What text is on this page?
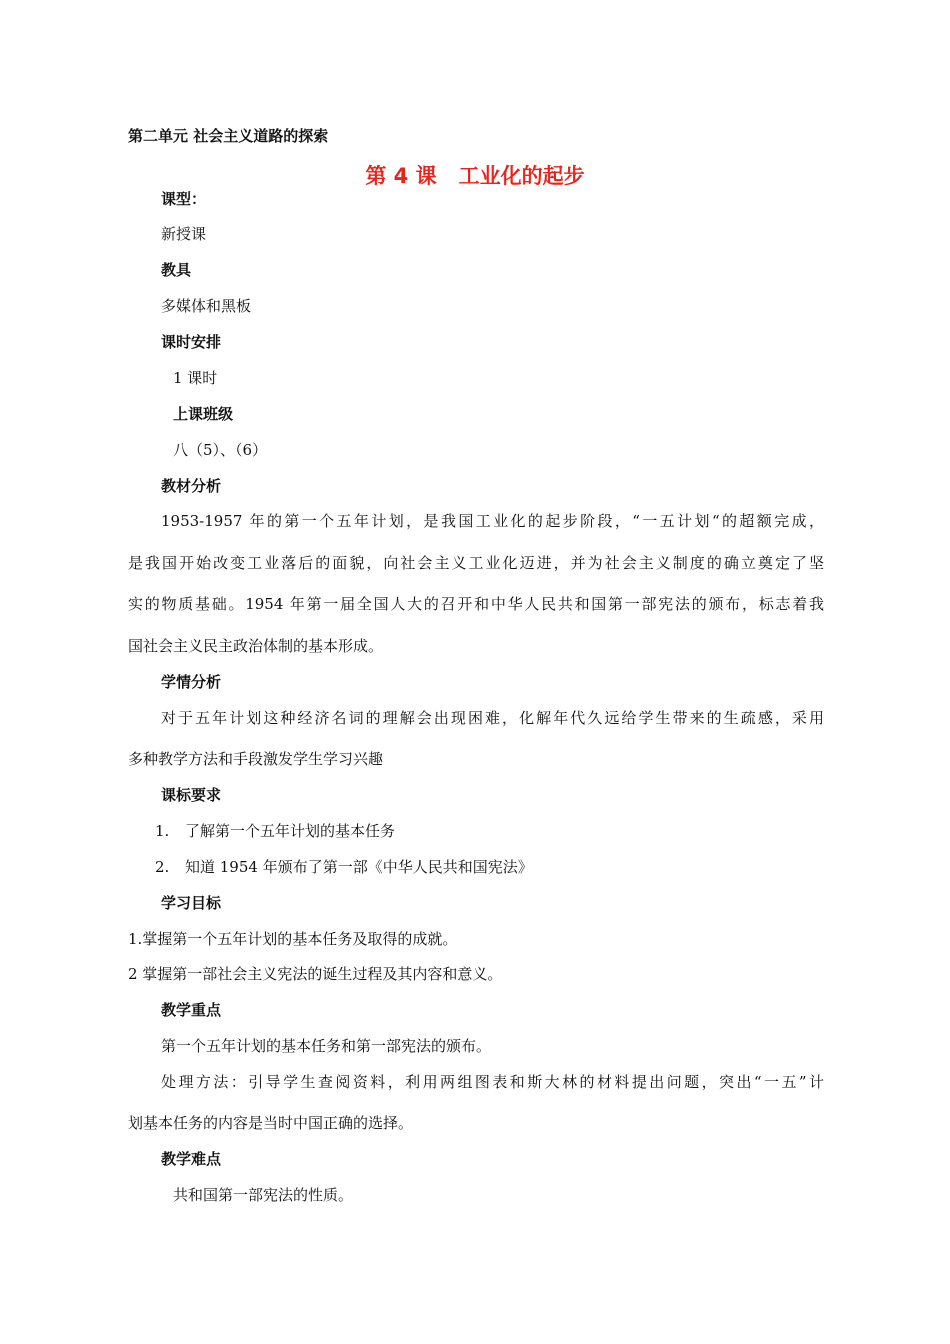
第二单元 社会主义道路的探索
第 4 课 工业化的起步
课型：
新授课
教具
多媒体和黑板
课时安排
1 课时
上课班级
八（5）、（6）
教材分析
1953-1957 年的第一个五年计划，是我国工业化的起步阶段，“一五计划“的超额完成，
是我国开始改变工业落后的面貌，向社会主义工业化迈进，并为社会主义制度的确立奠定了坚
实的物质基础。1954 年第一届全国人大的召开和中华人民共和国第一部宪法的颁布，标志着我
国社会主义民主政治体制的基本形成。
学情分析
对于五年计划这种经济名词的理解会出现困难，化解年代久远给学生带来的生疏感，采用
多种教学方法和手段激发学生学习兴趣
课标要求
1. 了解第一个五年计划的基本任务
2. 知道 1954 年颁布了第一部《中华人民共和国宪法》
学习目标
1.掌握第一个五年计划的基本任务及取得的成就。
2 掌握第一部社会主义宪法的诞生过程及其内容和意义。
教学重点
第一个五年计划的基本任务和第一部宪法的颁布。
处理方法：引导学生查阅资料，利用两组图表和斯大林的材料提出问题，突出“一五”计
划基本任务的内容是当时中国正确的选择。
教学难点
共和国第一部宪法的性质。
